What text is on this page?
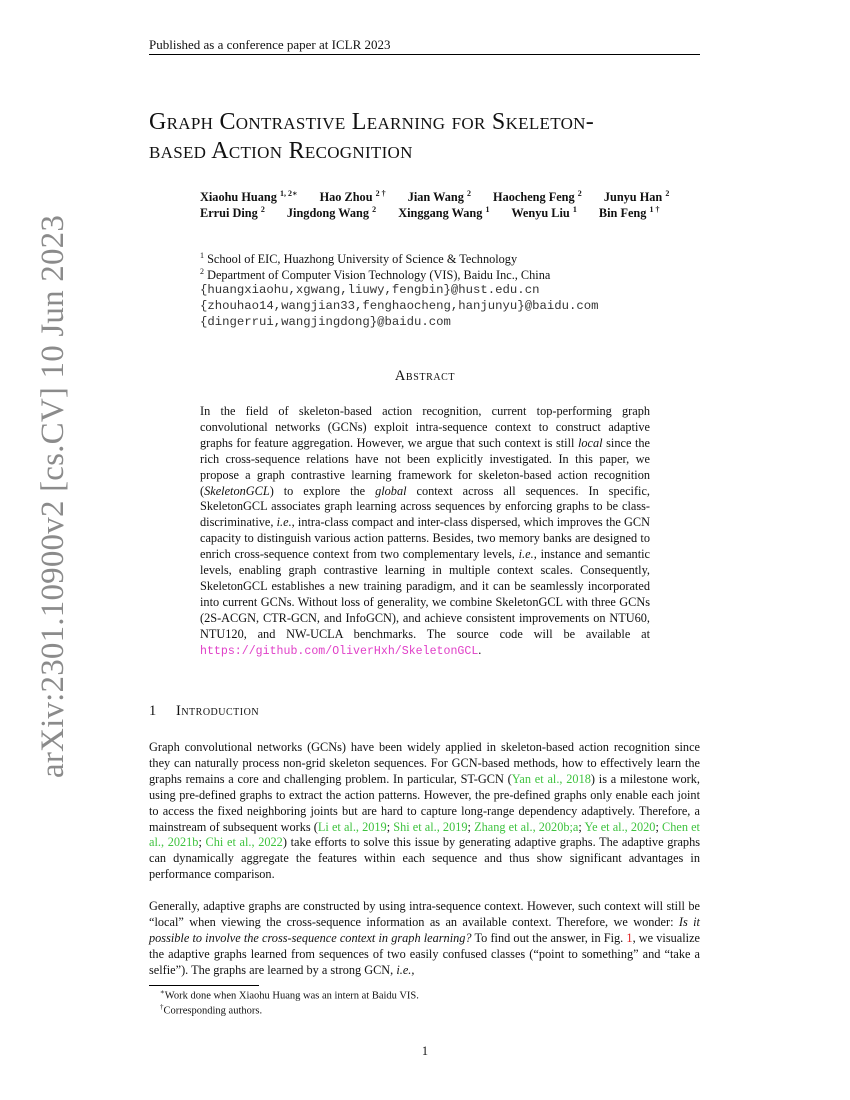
Published as a conference paper at ICLR 2023
arXiv:2301.10900v2 [cs.CV] 10 Jun 2023
Graph Contrastive Learning for Skeleton-
based Action Recognition
Xiaohu Huang $^{1, 2∗}$ Hao Zhou $^{2 \dagger}$ Jian Wang $^2$ Haocheng Feng $^2$ Junyu Han $^2$
Errui Ding $^2$ Jingdong Wang $^2$ Xinggang Wang $^1$ Wenyu Liu $^1$ Bin Feng $^{1 \dagger}$
$^1$ School of EIC, Huazhong University of Science & Technology
$^2$ Department of Computer Vision Technology (VIS), Baidu Inc., China
{huangxiaohu,xgwang,liuwy,fengbin}@hust.edu.cn
{zhouhao14,wangjian33,fenghaocheng,hanjunyu}@baidu.com
{dingerrui,wangjingdong}@baidu.com
Abstract
In the field of skeleton-based action recognition, current top-performing graph convolutional networks (GCNs) exploit intra-sequence context to construct adaptive graphs for feature aggregation. However, we argue that such context is still local since the rich cross-sequence relations have not been explicitly investigated. In this paper, we propose a graph contrastive learning framework for skeleton-based action recognition (SkeletonGCL) to explore the global context across all sequences. In specific, SkeletonGCL associates graph learning across sequences by enforcing graphs to be class-discriminative, i.e., intra-class compact and inter-class dispersed, which improves the GCN capacity to distinguish various action patterns. Besides, two memory banks are designed to enrich cross-sequence context from two complementary levels, i.e., instance and semantic levels, enabling graph contrastive learning in multiple context scales. Consequently, SkeletonGCL establishes a new training paradigm, and it can be seamlessly incorporated into current GCNs. Without loss of generality, we combine SkeletonGCL with three GCNs (2S-ACGN, CTR-GCN, and InfoGCN), and achieve consistent improvements on NTU60, NTU120, and NW-UCLA benchmarks. The source code will be available at https://github.com/OliverHxh/SkeletonGCL.
1 Introduction
Graph convolutional networks (GCNs) have been widely applied in skeleton-based action recognition since they can naturally process non-grid skeleton sequences. For GCN-based methods, how to effectively learn the graphs remains a core and challenging problem. In particular, ST-GCN (Yan et al., 2018) is a milestone work, using pre-defined graphs to extract the action patterns. However, the pre-defined graphs only enable each joint to access the fixed neighboring joints but are hard to capture long-range dependency adaptively. Therefore, a mainstream of subsequent works (Li et al., 2019; Shi et al., 2019; Zhang et al., 2020b;a; Ye et al., 2020; Chen et al., 2021b; Chi et al., 2022) take efforts to solve this issue by generating adaptive graphs. The adaptive graphs can dynamically aggregate the features within each sequence and thus show significant advantages in performance comparison.
Generally, adaptive graphs are constructed by using intra-sequence context. However, such context will still be “local” when viewing the cross-sequence information as an available context. Therefore, we wonder: Is it possible to involve the cross-sequence context in graph learning? To find out the answer, in Fig. 1, we visualize the adaptive graphs learned from sequences of two easily confused classes (“point to something” and “take a selfie”). The graphs are learned by a strong GCN, i.e.,
∗Work done when Xiaohu Huang was an intern at Baidu VIS.
†Corresponding authors.
1
